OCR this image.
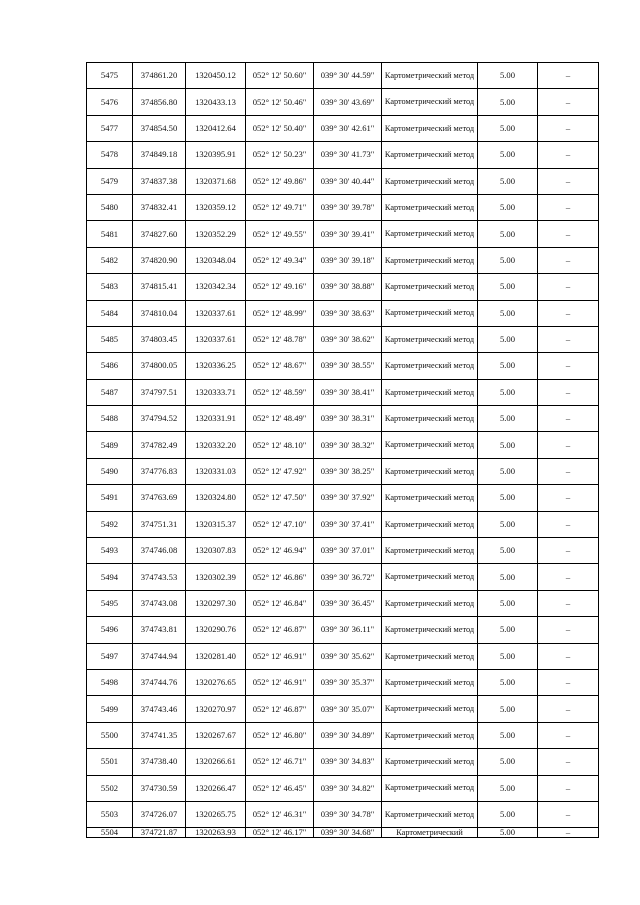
5475	374861.20	1320450.12	052° 12' 50.60"	039° 30' 44.59"	Картометрический метод	5.00	–
5476	374856.80	1320433.13	052° 12' 50.46"	039° 30' 43.69"	Картометрический метод	5.00	–
5477	374854.50	1320412.64	052° 12' 50.40"	039° 30' 42.61"	Картометрический метод	5.00	–
5478	374849.18	1320395.91	052° 12' 50.23"	039° 30' 41.73"	Картометрический метод	5.00	–
5479	374837.38	1320371.68	052° 12' 49.86"	039° 30' 40.44"	Картометрический метод	5.00	–
5480	374832.41	1320359.12	052° 12' 49.71"	039° 30' 39.78"	Картометрический метод	5.00	–
5481	374827.60	1320352.29	052° 12' 49.55"	039° 30' 39.41"	Картометрический метод	5.00	–
5482	374820.90	1320348.04	052° 12' 49.34"	039° 30' 39.18"	Картометрический метод	5.00	–
5483	374815.41	1320342.34	052° 12' 49.16"	039° 30' 38.88"	Картометрический метод	5.00	–
5484	374810.04	1320337.61	052° 12' 48.99"	039° 30' 38.63"	Картометрический метод	5.00	–
5485	374803.45	1320337.61	052° 12' 48.78"	039° 30' 38.62"	Картометрический метод	5.00	–
5486	374800.05	1320336.25	052° 12' 48.67"	039° 30' 38.55"	Картометрический метод	5.00	–
5487	374797.51	1320333.71	052° 12' 48.59"	039° 30' 38.41"	Картометрический метод	5.00	–
5488	374794.52	1320331.91	052° 12' 48.49"	039° 30' 38.31"	Картометрический метод	5.00	–
5489	374782.49	1320332.20	052° 12' 48.10"	039° 30' 38.32"	Картометрический метод	5.00	–
5490	374776.83	1320331.03	052° 12' 47.92"	039° 30' 38.25"	Картометрический метод	5.00	–
5491	374763.69	1320324.80	052° 12' 47.50"	039° 30' 37.92"	Картометрический метод	5.00	–
5492	374751.31	1320315.37	052° 12' 47.10"	039° 30' 37.41"	Картометрический метод	5.00	–
5493	374746.08	1320307.83	052° 12' 46.94"	039° 30' 37.01"	Картометрический метод	5.00	–
5494	374743.53	1320302.39	052° 12' 46.86"	039° 30' 36.72"	Картометрический метод	5.00	–
5495	374743.08	1320297.30	052° 12' 46.84"	039° 30' 36.45"	Картометрический метод	5.00	–
5496	374743.81	1320290.76	052° 12' 46.87"	039° 30' 36.11"	Картометрический метод	5.00	–
5497	374744.94	1320281.40	052° 12' 46.91"	039° 30' 35.62"	Картометрический метод	5.00	–
5498	374744.76	1320276.65	052° 12' 46.91"	039° 30' 35.37"	Картометрический метод	5.00	–
5499	374743.46	1320270.97	052° 12' 46.87"	039° 30' 35.07"	Картометрический метод	5.00	–
5500	374741.35	1320267.67	052° 12' 46.80"	039° 30' 34.89"	Картометрический метод	5.00	–
5501	374738.40	1320266.61	052° 12' 46.71"	039° 30' 34.83"	Картометрический метод	5.00	–
5502	374730.59	1320266.47	052° 12' 46.45"	039° 30' 34.82"	Картометрический метод	5.00	–
5503	374726.07	1320265.75	052° 12' 46.31"	039° 30' 34.78"	Картометрический метод	5.00	–
5504	374721.87	1320263.93	052° 12' 46.17"	039° 30' 34.68"	Картометрический	5.00	–
